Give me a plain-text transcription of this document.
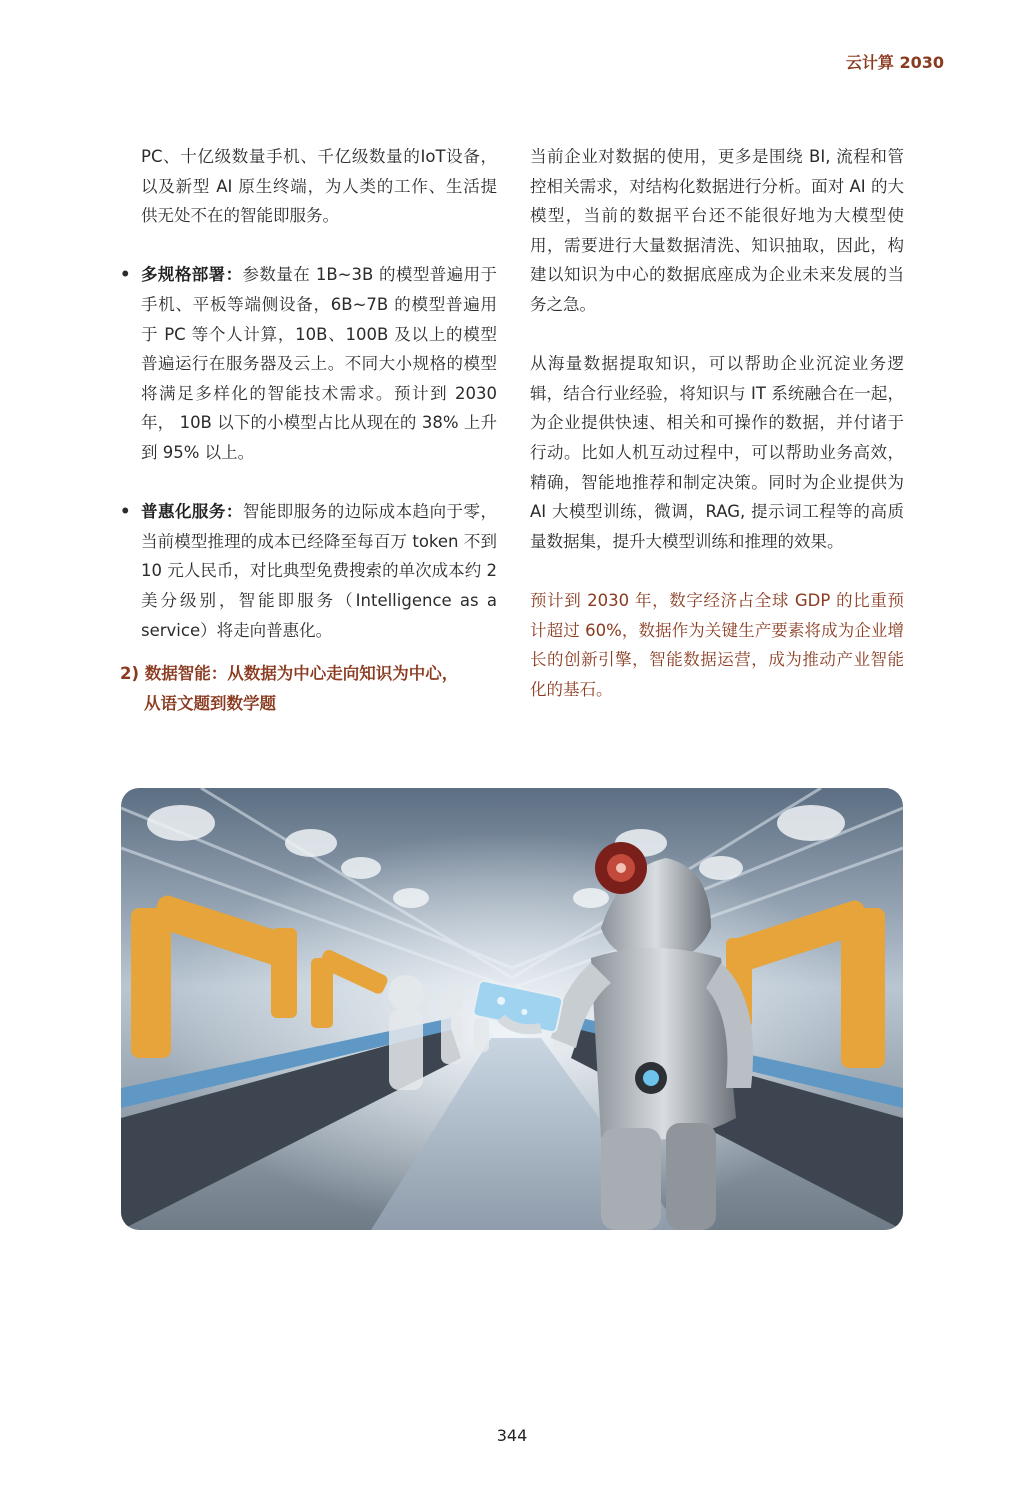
云计算 2030

PC、十亿级数量手机、千亿级数量的IoT设备，以及新型 AI 原生终端，为人类的工作、生活提供无处不在的智能即服务。

• 多规格部署：参数量在 1B~3B 的模型普遍用于手机、平板等端侧设备，6B~7B 的模型普遍用于 PC 等个人计算，10B、100B 及以上的模型普遍运行在服务器及云上。不同大小规格的模型将满足多样化的智能技术需求。预计到 2030 年， 10B 以下的小模型占比从现在的 38% 上升到 95% 以上。

• 普惠化服务：智能即服务的边际成本趋向于零，当前模型推理的成本已经降至每百万 token 不到 10 元人民币，对比典型免费搜索的单次成本约 2 美分级别，智能即服务（Intelligence as a service）将走向普惠化。

2) 数据智能：从数据为中心走向知识为中心，
从语文题到数学题

当前企业对数据的使用，更多是围绕 BI, 流程和管控相关需求，对结构化数据进行分析。面对 AI 的大模型，当前的数据平台还不能很好地为大模型使用，需要进行大量数据清洗、知识抽取，因此，构建以知识为中心的数据底座成为企业未来发展的当务之急。

从海量数据提取知识，可以帮助企业沉淀业务逻辑，结合行业经验，将知识与 IT 系统融合在一起，为企业提供快速、相关和可操作的数据，并付诸于行动。比如人机互动过程中，可以帮助业务高效，精确，智能地推荐和制定决策。同时为企业提供为 AI 大模型训练，微调，RAG, 提示词工程等的高质量数据集，提升大模型训练和推理的效果。

预计到 2030 年，数字经济占全球 GDP 的比重预计超过 60%，数据作为关键生产要素将成为企业增长的创新引擎，智能数据运营，成为推动产业智能化的基石。

344
